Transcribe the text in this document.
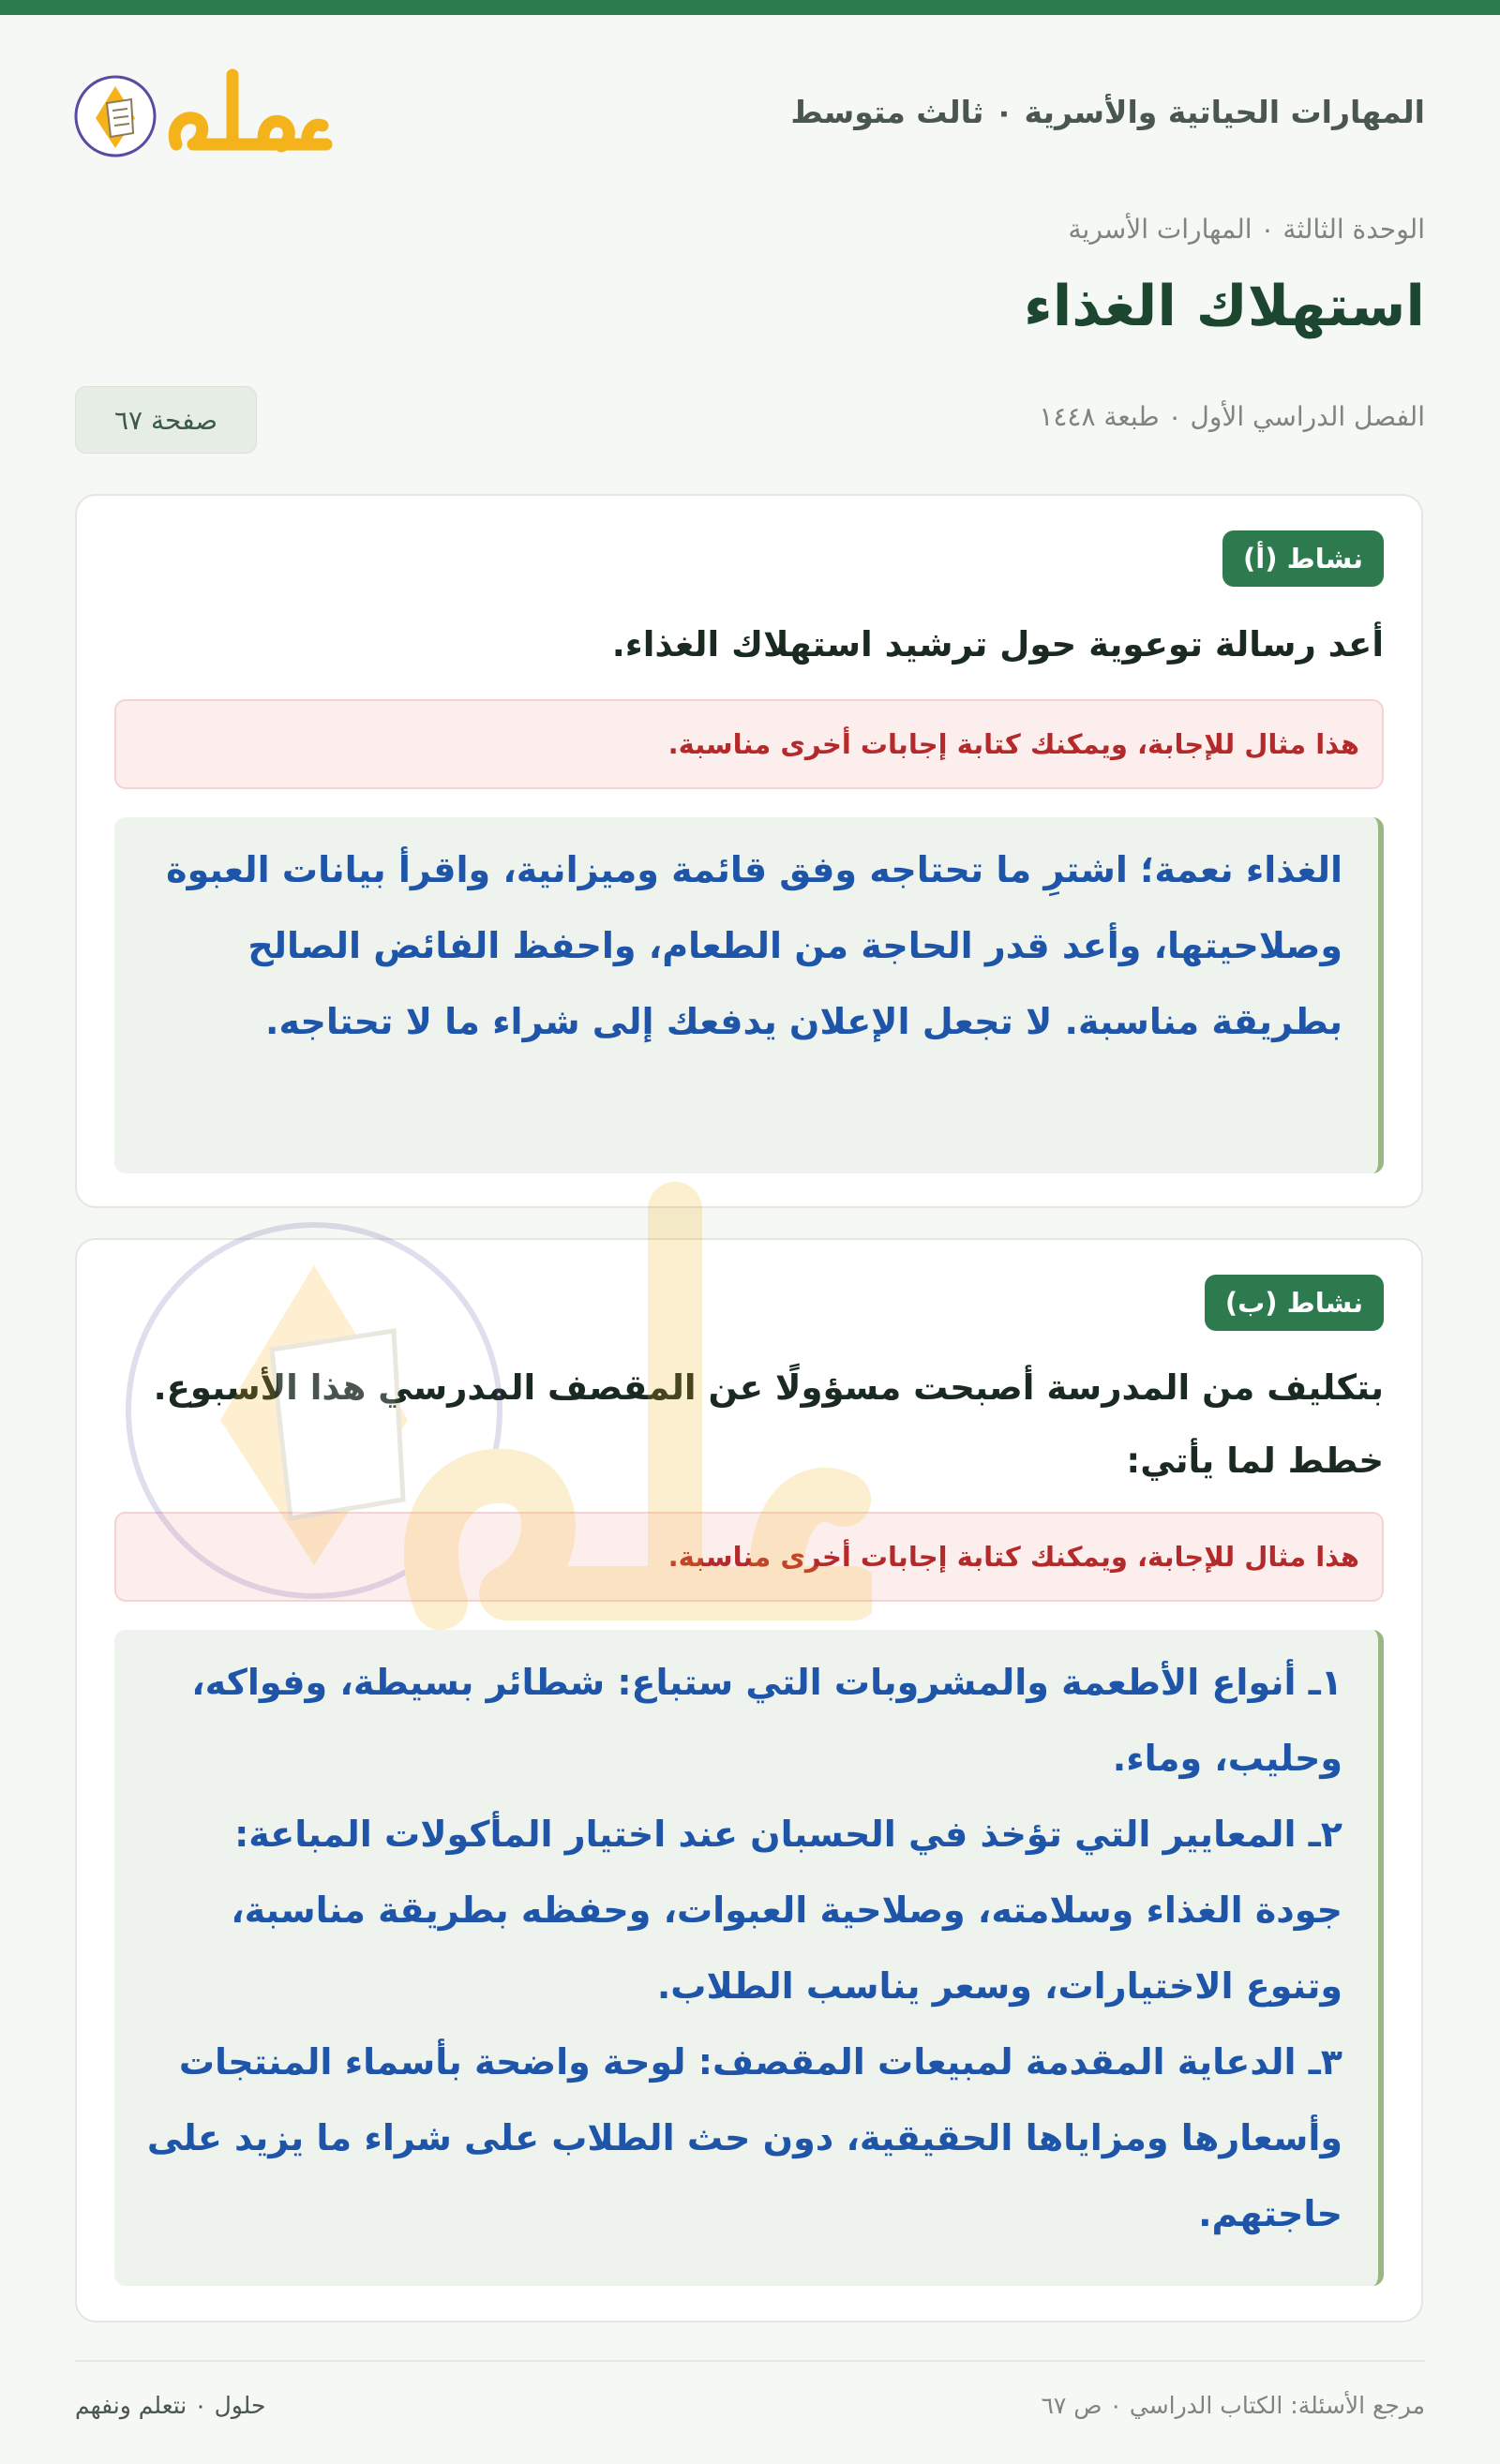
المهارات الحياتية والأسرية ٠ ثالث متوسط
الوحدة الثالثة ٠ المهارات الأسرية
استهلاك الغذاء
الفصل الدراسي الأول ٠ طبعة ١٤٤٨
صفحة ٦٧
نشاط (أ)
أعد رسالة توعوية حول ترشيد استهلاك الغذاء.
هذا مثال للإجابة، ويمكنك كتابة إجابات أخرى مناسبة.

الغذاء نعمة؛ اشترِ ما تحتاجه وفق قائمة وميزانية، واقرأ بيانات العبوة وصلاحيتها، وأعد قدر الحاجة من الطعام، واحفظ الفائض الصالح بطريقة مناسبة. لا تجعل الإعلان يدفعك إلى شراء ما لا تحتاجه.

نشاط (ب)
بتكليف من المدرسة أصبحت مسؤولًا عن المقصف المدرسي هذا الأسبوع. خطط لما يأتي:
هذا مثال للإجابة، ويمكنك كتابة إجابات أخرى مناسبة.

١ـ أنواع الأطعمة والمشروبات التي ستباع: شطائر بسيطة، وفواكه، وحليب، وماء.

٢ـ المعايير التي تؤخذ في الحسبان عند اختيار المأكولات المباعة: جودة الغذاء وسلامته، وصلاحية العبوات، وحفظه بطريقة مناسبة، وتنوع الاختيارات، وسعر يناسب الطلاب.

٣ـ الدعاية المقدمة لمبيعات المقصف: لوحة واضحة بأسماء المنتجات وأسعارها ومزاياها الحقيقية، دون حث الطلاب على شراء ما يزيد على حاجتهم.

مرجع الأسئلة: الكتاب الدراسي ٠ ص ٦٧
حلول ٠ نتعلم ونفهم
